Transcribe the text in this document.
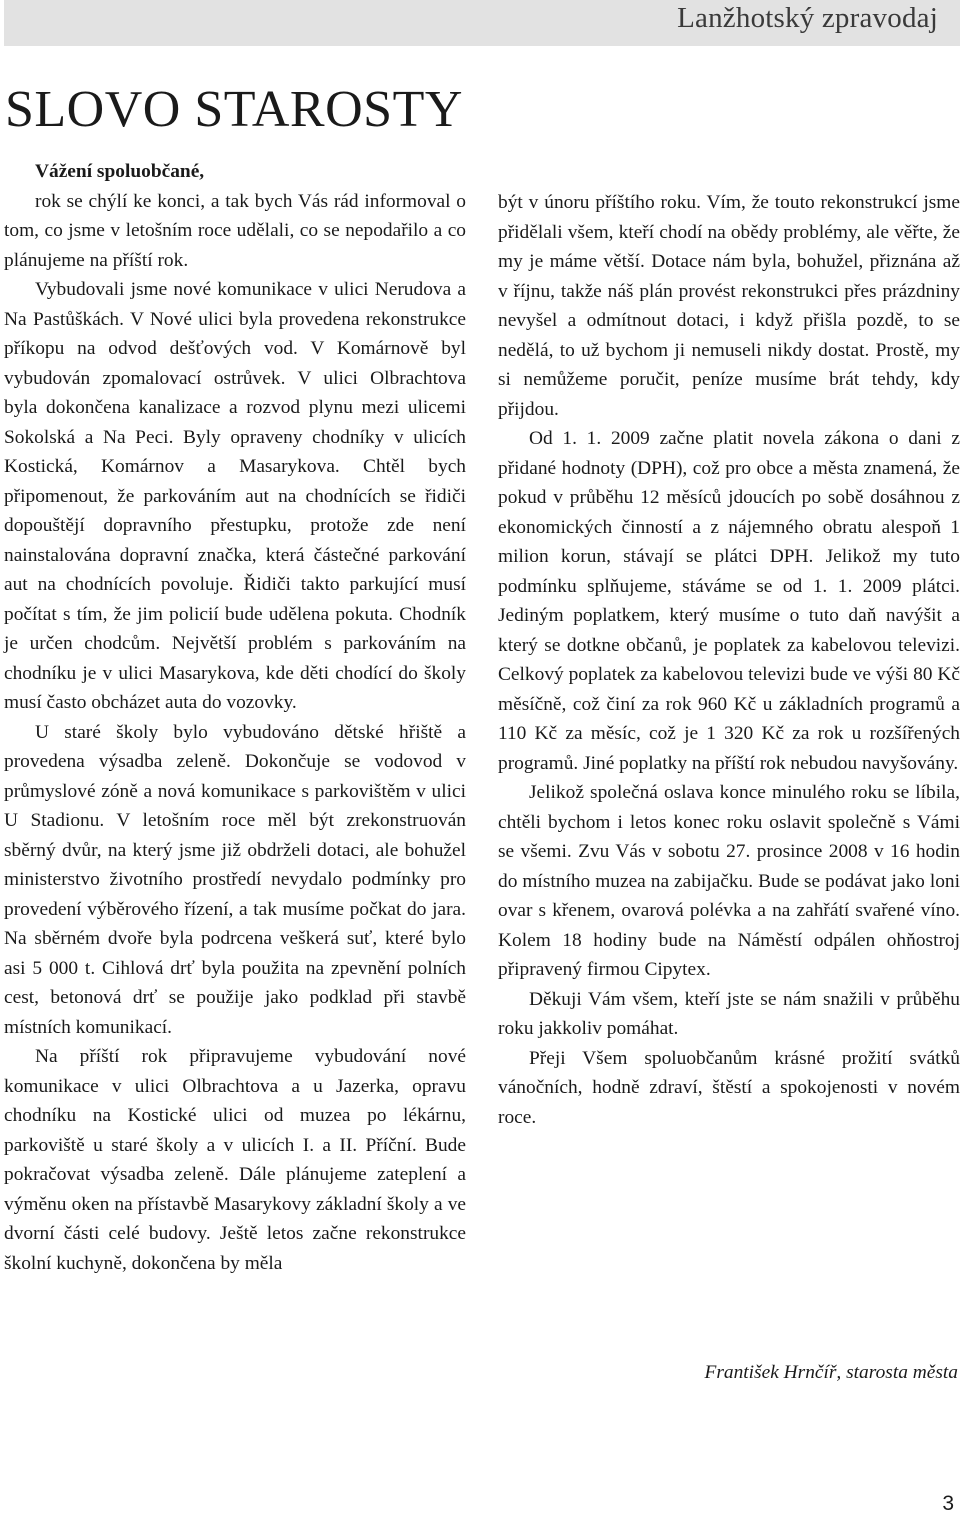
Lanžhotský zpravodaj
SLOVO STAROSTY

Vážení spoluobčané,

rok se chýlí ke konci, a tak bych Vás rád informoval o tom, co jsme v letošním roce udělali, co se nepodařilo a co plánujeme na příští rok.

Vybudovali jsme nové komunikace v ulici Nerudova a Na Pastůškách. V Nové ulici byla provedena rekonstrukce příkopu na odvod dešťových vod. V Komárnově byl vybudován zpomalovací ostrůvek. V ulici Olbrachtova byla dokončena kanalizace a rozvod plynu mezi ulicemi Sokolská a Na Peci. Byly opraveny chodníky v ulicích Kostická, Komárnov a Masarykova. Chtěl bych připomenout, že parkováním aut na chodnících se řidiči dopouštějí dopravního přestupku, protože zde není nainstalována dopravní značka, která částečné parkování aut na chodnících povoluje. Řidiči takto parkující musí počítat s tím, že jim policií bude udělena pokuta. Chodník je určen chodcům. Největší problém s parkováním na chodníku je v ulici Masarykova, kde děti chodící do školy musí často obcházet auta do vozovky.

U staré školy bylo vybudováno dětské hřiště a provedena výsadba zeleně. Dokončuje se vodovod v průmyslové zóně a nová komunikace s parkovištěm v ulici U Stadionu. V letošním roce měl být zrekonstruován sběrný dvůr, na který jsme již obdrželi dotaci, ale bohužel ministerstvo životního prostředí nevydalo podmínky pro provedení výběrového řízení, a tak musíme počkat do jara. Na sběrném dvoře byla podrcena veškerá suť, které bylo asi 5 000 t. Cihlová drť byla použita na zpevnění polních cest, betonová drť se použije jako podklad při stavbě místních komunikací.

Na příští rok připravujeme vybudování nové komunikace v ulici Olbrachtova a u Jazerka, opravu chodníku na Kostické ulici od muzea po lékárnu, parkoviště u staré školy a v ulicích I. a II. Příční. Bude pokračovat výsadba zeleně. Dále plánujeme zateplení a výměnu oken na přístavbě Masarykovy základní školy a ve dvorní části celé budovy. Ještě letos začne rekonstrukce školní kuchyně, dokončena by měla

být v únoru příštího roku. Vím, že touto rekonstrukcí jsme přidělali všem, kteří chodí na obědy problémy, ale věřte, že my je máme větší. Dotace nám byla, bohužel, přiznána až v říjnu, takže náš plán provést rekonstrukci přes prázdniny nevyšel a odmítnout dotaci, i když přišla pozdě, to se nedělá, to už bychom ji nemuseli nikdy dostat. Prostě, my si nemůžeme poručit, peníze musíme brát tehdy, kdy přijdou.

Od 1. 1. 2009 začne platit novela zákona o dani z přidané hodnoty (DPH), což pro obce a města znamená, že pokud v průběhu 12 měsíců jdoucích po sobě dosáhnou z ekonomických činností a z nájemného obratu alespoň 1 milion korun, stávají se plátci DPH. Jelikož my tuto podmínku splňujeme, stáváme se od 1. 1. 2009 plátci. Jediným poplatkem, který musíme o tuto daň navýšit a který se dotkne občanů, je poplatek za kabelovou televizi. Celkový poplatek za kabelovou televizi bude ve výši 80 Kč měsíčně, což činí za rok 960 Kč u základních programů a 110 Kč za měsíc, což je 1 320 Kč za rok u rozšířených programů. Jiné poplatky na příští rok nebudou navyšovány.

Jelikož společná oslava konce minulého roku se líbila, chtěli bychom i letos konec roku oslavit společně s Vámi se všemi. Zvu Vás v sobotu 27. prosince 2008 v 16 hodin do místního muzea na zabijačku. Bude se podávat jako loni ovar s křenem, ovarová polévka a na zahřátí svařené víno. Kolem 18 hodiny bude na Náměstí odpálen ohňostroj připravený firmou Cipytex.

Děkuji Vám všem, kteří jste se nám snažili v průběhu roku jakkoliv pomáhat.

Přeji Všem spoluobčanům krásné prožití svátků vánočních, hodně zdraví, štěstí a spokojenosti v novém roce.

František Hrnčíř, starosta města
3
